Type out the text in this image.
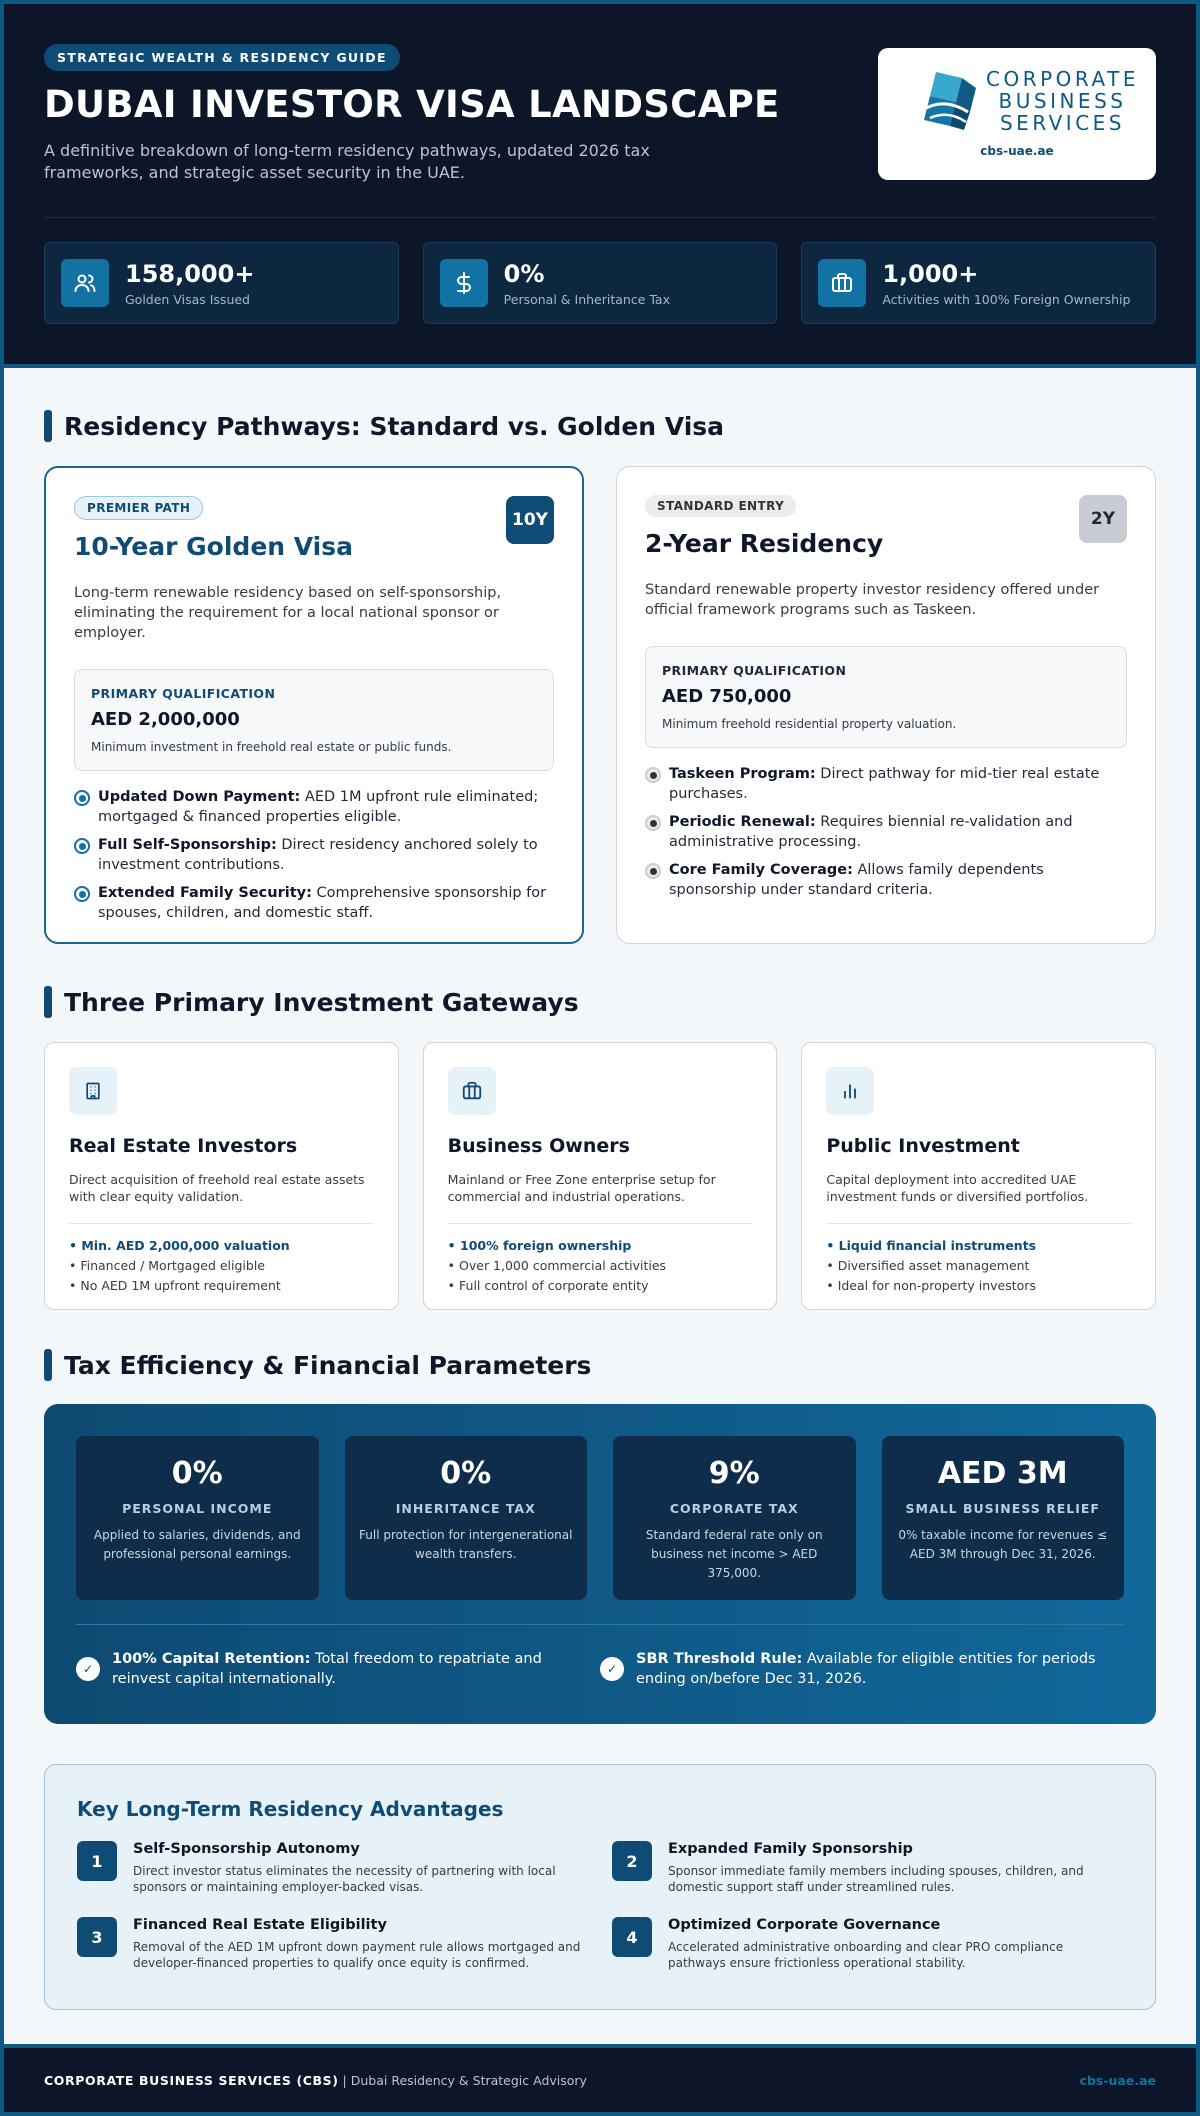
STRATEGIC WEALTH & RESIDENCY GUIDE
DUBAI INVESTOR VISA LANDSCAPE
A definitive breakdown of long-term residency pathways, updated 2026 tax frameworks, and strategic asset security in the UAE.
CORPORATE
BUSINESS
SERVICES
cbs-uae.ae
158,000+
Golden Visas Issued
0%
Personal & Inheritance Tax
1,000+
Activities with 100% Foreign Ownership
Residency Pathways: Standard vs. Golden Visa
PREMIER PATH
10Y
10-Year Golden Visa
Long-term renewable residency based on self-sponsorship, eliminating the requirement for a local national sponsor or employer.
PRIMARY QUALIFICATION
AED 2,000,000
Minimum investment in freehold real estate or public funds.
Updated Down Payment: AED 1M upfront rule eliminated; mortgaged & financed properties eligible.
Full Self-Sponsorship: Direct residency anchored solely to investment contributions.
Extended Family Security: Comprehensive sponsorship for spouses, children, and domestic staff.
STANDARD ENTRY
2Y
2-Year Residency
Standard renewable property investor residency offered under official framework programs such as Taskeen.
PRIMARY QUALIFICATION
AED 750,000
Minimum freehold residential property valuation.
Taskeen Program: Direct pathway for mid-tier real estate purchases.
Periodic Renewal: Requires biennial re-validation and administrative processing.
Core Family Coverage: Allows family dependents sponsorship under standard criteria.
Three Primary Investment Gateways
Real Estate Investors
Direct acquisition of freehold real estate assets with clear equity validation.
• Min. AED 2,000,000 valuation
• Financed / Mortgaged eligible
• No AED 1M upfront requirement
Business Owners
Mainland or Free Zone enterprise setup for commercial and industrial operations.
• 100% foreign ownership
• Over 1,000 commercial activities
• Full control of corporate entity
Public Investment
Capital deployment into accredited UAE investment funds or diversified portfolios.
• Liquid financial instruments
• Diversified asset management
• Ideal for non-property investors
Tax Efficiency & Financial Parameters
0%
PERSONAL INCOME
Applied to salaries, dividends, and professional personal earnings.
0%
INHERITANCE TAX
Full protection for intergenerational wealth transfers.
9%
CORPORATE TAX
Standard federal rate only on business net income > AED 375,000.
AED 3M
SMALL BUSINESS RELIEF
0% taxable income for revenues ≤ AED 3M through Dec 31, 2026.
✓
100% Capital Retention: Total freedom to repatriate and reinvest capital internationally.
✓
SBR Threshold Rule: Available for eligible entities for periods ending on/before Dec 31, 2026.
Key Long-Term Residency Advantages
1
Self-Sponsorship Autonomy
Direct investor status eliminates the necessity of partnering with local sponsors or maintaining employer-backed visas.
2
Expanded Family Sponsorship
Sponsor immediate family members including spouses, children, and domestic support staff under streamlined rules.
3
Financed Real Estate Eligibility
Removal of the AED 1M upfront down payment rule allows mortgaged and developer-financed properties to qualify once equity is confirmed.
4
Optimized Corporate Governance
Accelerated administrative onboarding and clear PRO compliance pathways ensure frictionless operational stability.
CORPORATE BUSINESS SERVICES (CBS) | Dubai Residency & Strategic Advisory	cbs-uae.ae
